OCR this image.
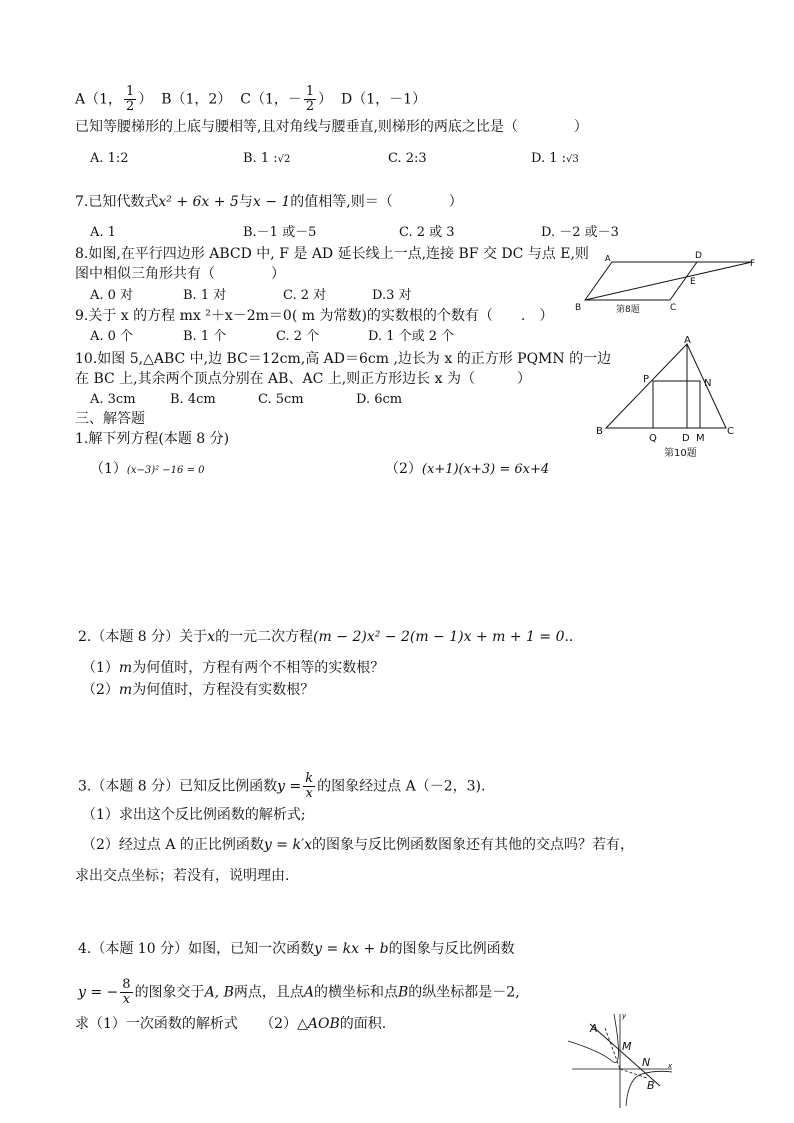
A（1， $\frac{1}{2}$ ） B（1，2） C（1，－ $\frac{1}{2}$ ） D（1，－1）
已知等腰梯形的上底与腰相等,且对角线与腰垂直,则梯形的两底之比是（　　　　）
A. 1:2	B. 1 :√2	C. 2:3	D. 1 :√3
7.已知代数式x² + 6x + 5与x − 1的值相等,则＝（　　　　）
A. 1	B.－1 或－5	C. 2 或 3	D. －2 或－3
8.如图,在平行四边形 ABCD 中, F 是 AD 延长线上一点,连接 BF 交 DC 与点 E,则
图中相似三角形共有（　　　　）
A. 0 对	B. 1 对	C. 2 对	D.3 对
A	D
F
E
B	C
第8题
9.关于 x 的方程 mx ²＋x－2m＝0( m 为常数)的实数根的个数有（　　.　）
A. 0 个	B. 1 个	C. 2 个	D. 1 个或 2 个
10.如图 5,△ABC 中,边 BC＝12cm,高 AD＝6cm ,边长为 x 的正方形 PQMN 的一边
在 BC 上,其余两个顶点分别在 AB、AC 上,则正方形边长 x 为（　　　）
A. 3cm	B. 4cm	C. 5cm	D. 6cm
A
P	N
B
Q	D M
C
第10题
三、解答题
1.解下列方程(本题 8 分)
（1）(x−3)² −16 = 0	（2）(x+1)(x+3) = 6x+4
2.（本题 8 分）关于x的一元二次方程(m − 2)x² − 2(m − 1)x + m + 1 = 0..
（1）m为何值时，方程有两个不相等的实数根？
（2）m为何值时，方程没有实数根？
3.（本题 8 分）已知反比例函数$y = \frac{k}{x}$ 的图象经过点 A（－2，3).
（1）求出这个反比例函数的解析式;
（2）经过点 A 的正比例函数y = k′x的图象与反比例函数图象还有其他的交点吗？若有，
求出交点坐标；若没有，说明理由.
4.（本题 10 分）如图，已知一次函数y = kx + b的图象与反比例函数
y = − $\frac{8}{x}$ 的图象交于A, B两点，且点A的横坐标和点B的纵坐标都是－2,
求（1）一次函数的解析式 （2）△AOB的面积.	A
M
N
B
x
y
